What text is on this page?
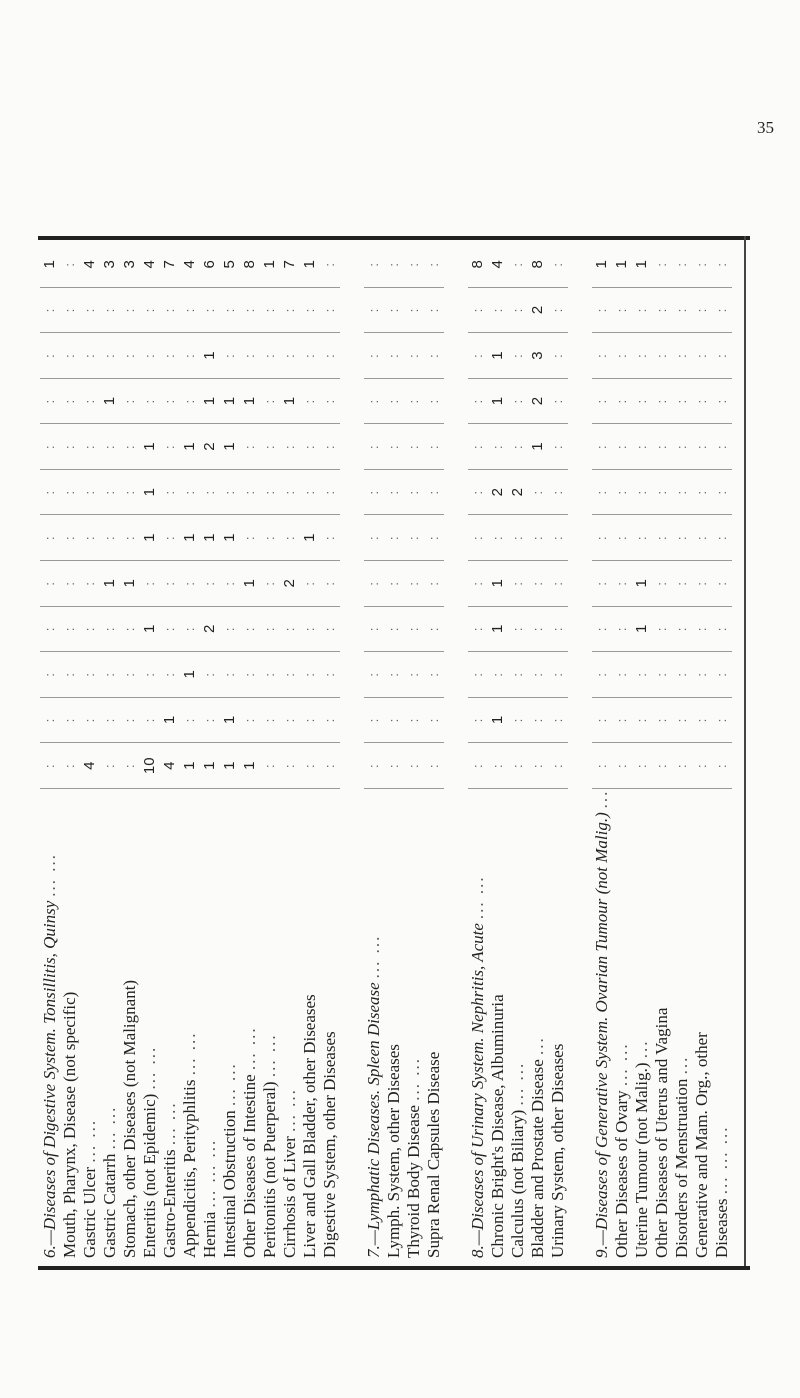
35
6.—Diseases of Digestive System. Tonsillitis, Quinsy ... ...	:	:	:	:	:	:	:	:	:	:	:	1
Mouth, Pharynx, Disease (not specific)	:	:	:	:	:	:	:	:	:	:	:	:
Gastric Ulcer ... ...	4	:	:	:	:	:	:	:	:	:	:	4
Gastric Catarrh ... ...	:	:	:	:	1	:	:	:	1	:	:	3
Stomach, other Diseases (not Malignant)	:	:	:	:	1	:	:	:	:	:	:	3
Enteritis (not Epidemic) ... ...	10	:	:	1	:	1	1	1	:	:	:	4
Gastro-Enteritis ... ...	4	1	:	:	:	:	:	:	:	:	:	7
Appendicitis, Perityphlitis ... ...	1	:	1	:	:	1	:	1	:	:	:	4
Hernia ... ... ...	1	:	:	2	:	1	:	2	1	1	:	6
Intestinal Obstruction ... ...	1	1	:	:	:	1	:	1	1	:	:	5
Other Diseases of Intestine ... ...	1	:	:	:	1	:	:	:	1	:	:	8
Peritonitis (not Puerperal) ... ...	:	:	:	:	:	:	:	:	:	:	:	1
Cirrhosis of Liver ... ...	:	:	:	:	2	:	:	:	1	:	:	7
Liver and Gall Bladder, other Diseases	:	:	:	:	:	1	:	:	:	:	:	1
Digestive System, other Diseases	:	:	:	:	:	:	:	:	:	:	:	:

7.—Lymphatic Diseases. Spleen Disease ... ...	:	:	:	:	:	:	:	:	:	:	:	:
Lymph. System, other Diseases	:	:	:	:	:	:	:	:	:	:	:	:
Thyroid Body Disease ... ...	:	:	:	:	:	:	:	:	:	:	:	:
Supra Renal Capsules Disease	:	:	:	:	:	:	:	:	:	:	:	:

8.—Diseases of Urinary System. Nephritis, Acute ... ...	:	:	:	:	:	:	:	:	:	:	:	8
Chronic Bright's Disease, Albuminuria	:	1	:	1	1	:	2	:	1	1	:	4
Calculus (not Biliary) ... ...	:	:	:	:	:	:	2	:	:	:	:	:
Bladder and Prostate Disease ...	:	:	:	:	:	:	:	1	2	3	2	8
Urinary System, other Diseases	:	:	:	:	:	:	:	:	:	:	:	:

9.—Diseases of Generative System. Ovarian Tumour (not Malig.) ...	:	:	:	:	:	:	:	:	:	:	:	1
Other Diseases of Ovary ... ...	:	:	:	:	:	:	:	:	:	:	:	1
Uterine Tumour (not Malig.) ...	:	:	:	1	1	:	:	:	:	:	:	1
Other Diseases of Uterus and Vagina	:	:	:	:	:	:	:	:	:	:	:	:
Disorders of Menstruation ...	:	:	:	:	:	:	:	:	:	:	:	:
Generative and Mam. Org., other	:	:	:	:	:	:	:	:	:	:	:	:
Diseases ... ... ...	:	:	:	:	:	:	:	:	:	:	:	:
